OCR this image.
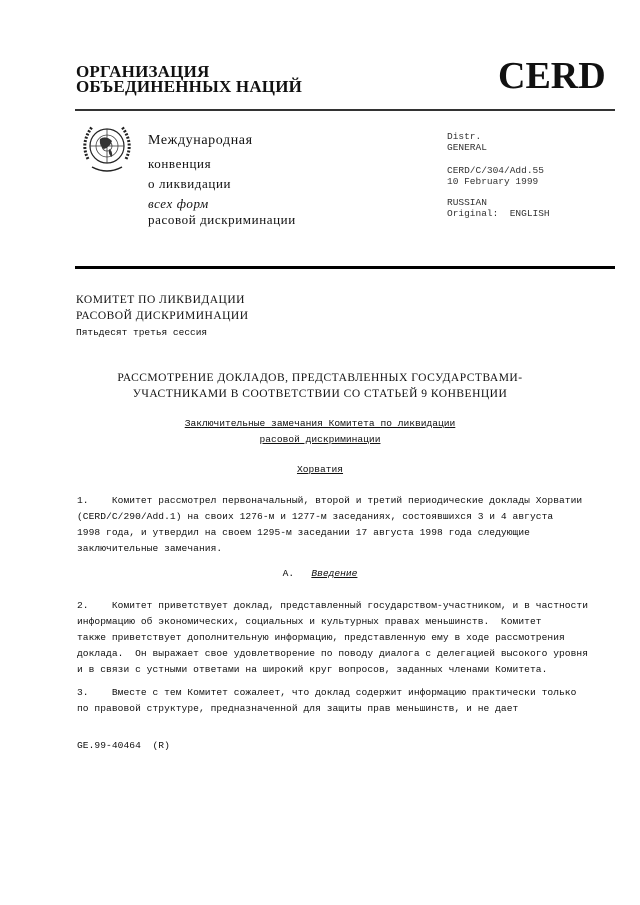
ОРГАНИЗАЦИЯ
ОБЪЕДИНЕННЫХ НАЦИЙ	CERD
Международная
конвенция
о ликвидации
всех форм
расовой дискриминации
Distr.
GENERAL
CERD/C/304/Add.55
10 February 1999
RUSSIAN
Original:  ENGLISH
КОМИТЕТ ПО ЛИКВИДАЦИИ
РАСОВОЙ ДИСКРИМИНАЦИИ
Пятьдесят третья сессия
РАССМОТРЕНИЕ ДОКЛАДОВ, ПРЕДСТАВЛЕННЫХ ГОСУДАРСТВАМИ-
УЧАСТНИКАМИ В СООТВЕТСТВИИ СО СТАТЬЕЙ 9 КОНВЕНЦИИ
Заключительные замечания Комитета по ликвидации
расовой дискриминации
Хорватия
1.    Комитет рассмотрел первоначальный, второй и третий периодические доклады Хорватии
(CERD/C/290/Add.1) на своих 1276-м и 1277-м заседаниях, состоявшихся 3 и 4 августа
1998 года, и утвердил на своем 1295-м заседании 17 августа 1998 года следующие
заключительные замечания.
A. Введение
2.    Комитет приветствует доклад, представленный государством-участником, и в частности
информацию об экономических, социальных и культурных правах меньшинств.  Комитет
также приветствует дополнительную информацию, представленную ему в ходе рассмотрения
доклада.  Он выражает свое удовлетворение по поводу диалога с делегацией высокого уровня
и в связи с устными ответами на широкий круг вопросов, заданных членами Комитета.
3.    Вместе с тем Комитет сожалеет, что доклад содержит информацию практически только
по правовой структуре, предназначенной для защиты прав меньшинств, и не дает
GE.99-40464  (R)
